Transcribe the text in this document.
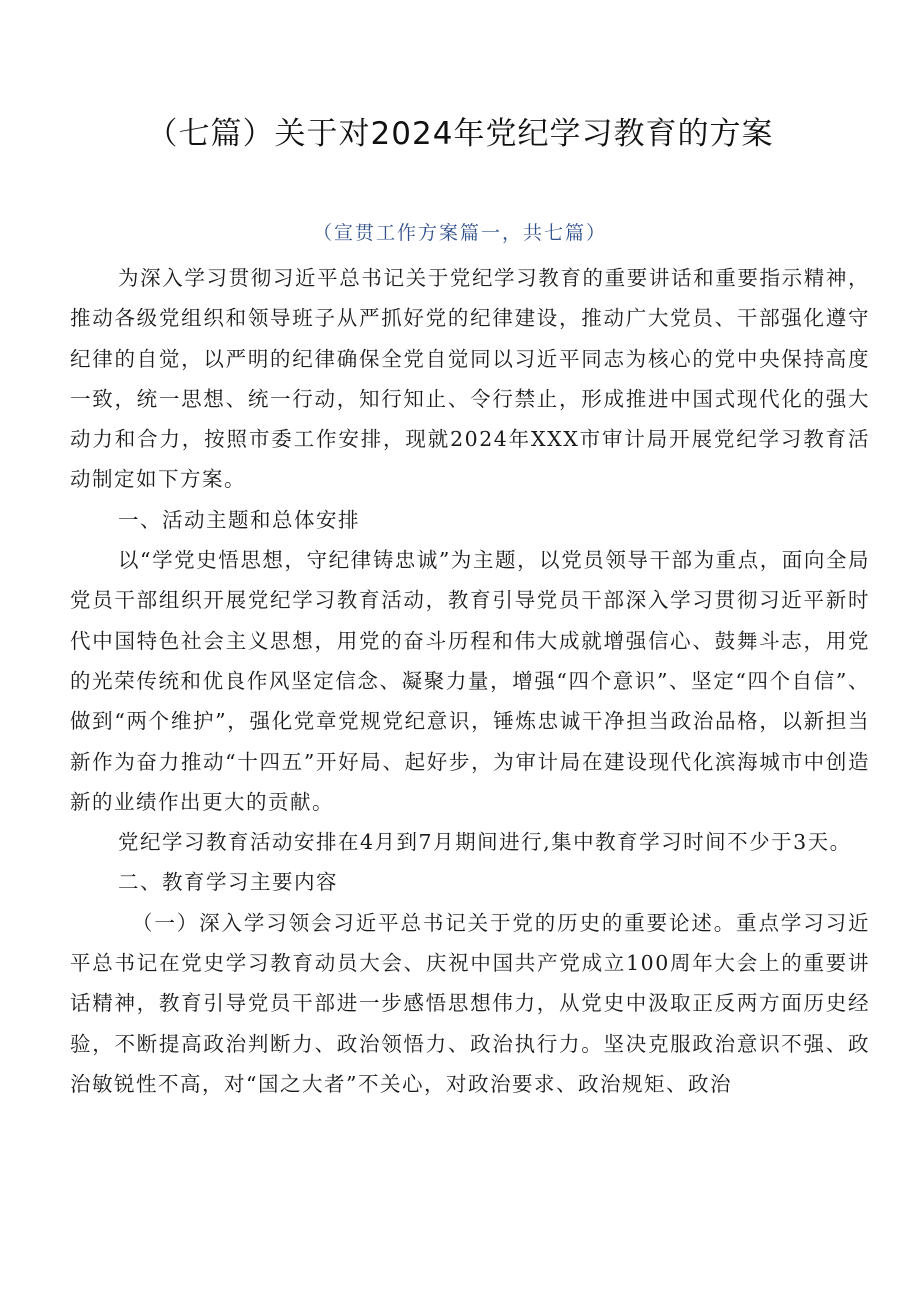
（七篇）关于对2024年党纪学习教育的方案
（宣贯工作方案篇一，共七篇）

为深入学习贯彻习近平总书记关于党纪学习教育的重要讲话和重要指示精神，推动各级党组织和领导班子从严抓好党的纪律建设，推动广大党员、干部强化遵守纪律的自觉，以严明的纪律确保全党自觉同以习近平同志为核心的党中央保持高度一致，统一思想、统一行动，知行知止、令行禁止，形成推进中国式现代化的强大动力和合力，按照市委工作安排，现就2024年XXX市审计局开展党纪学习教育活动制定如下方案。

一、活动主题和总体安排

以“学党史悟思想，守纪律铸忠诚”为主题，以党员领导干部为重点，面向全局党员干部组织开展党纪学习教育活动，教育引导党员干部深入学习贯彻习近平新时代中国特色社会主义思想，用党的奋斗历程和伟大成就增强信心、鼓舞斗志，用党的光荣传统和优良作风坚定信念、凝聚力量，增强“四个意识”、坚定“四个自信”、做到“两个维护”，强化党章党规党纪意识，锤炼忠诚干净担当政治品格，以新担当新作为奋力推动“十四五”开好局、起好步，为审计局在建设现代化滨海城市中创造新的业绩作出更大的贡献。

党纪学习教育活动安排在4月到7月期间进行,集中教育学习时间不少于3天。

二、教育学习主要内容

（一）深入学习领会习近平总书记关于党的历史的重要论述。重点学习习近平总书记在党史学习教育动员大会、庆祝中国共产党成立100周年大会上的重要讲话精神，教育引导党员干部进一步感悟思想伟力，从党史中汲取正反两方面历史经验，不断提高政治判断力、政治领悟力、政治执行力。坚决克服政治意识不强、政治敏锐性不高，对“国之大者”不关心，对政治要求、政治规矩、政治
